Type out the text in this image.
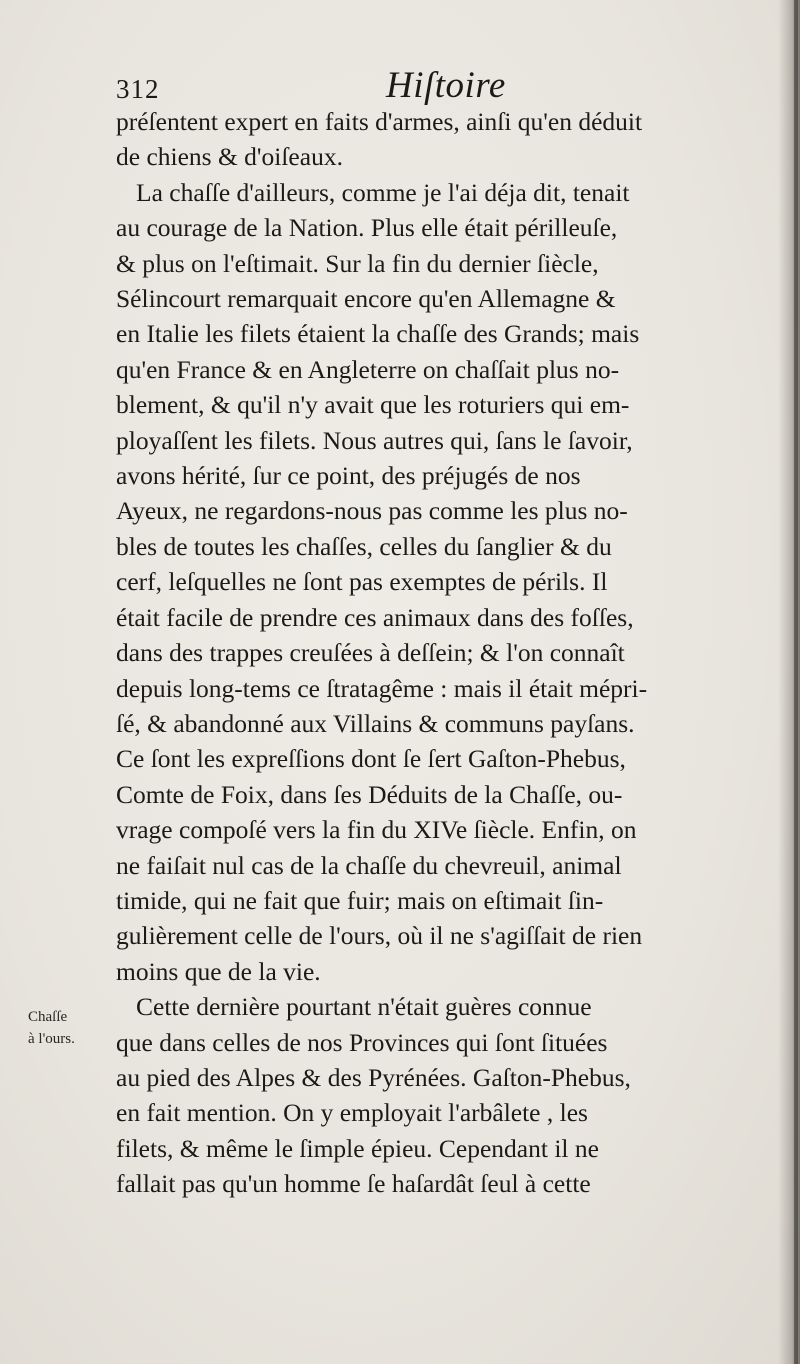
312	Hiſtoire
Chaſſe
à l'ours.
préſentent expert en faits d'armes, ainſi qu'en déduit
de chiens & d'oiſeaux.
La chaſſe d'ailleurs, comme je l'ai déja dit, tenait
au courage de la Nation. Plus elle était périlleuſe,
& plus on l'eſtimait. Sur la fin du dernier ſiècle,
Sélincourt remarquait encore qu'en Allemagne &
en Italie les filets étaient la chaſſe des Grands; mais
qu'en France & en Angleterre on chaſſait plus no-
blement, & qu'il n'y avait que les roturiers qui em-
ployaſſent les filets. Nous autres qui, ſans le ſavoir,
avons hérité, ſur ce point, des préjugés de nos
Ayeux, ne regardons-nous pas comme les plus no-
bles de toutes les chaſſes, celles du ſanglier & du
cerf, leſquelles ne ſont pas exemptes de périls. Il
était facile de prendre ces animaux dans des foſſes,
dans des trappes creuſées à deſſein; & l'on connaît
depuis long-tems ce ſtratagême : mais il était mépri-
ſé, & abandonné aux Villains & communs payſans.
Ce ſont les expreſſions dont ſe ſert Gaſton-Phebus,
Comte de Foix, dans ſes Déduits de la Chaſſe, ou-
vrage compoſé vers la fin du XIVe ſiècle. Enfin, on
ne faiſait nul cas de la chaſſe du chevreuil, animal
timide, qui ne fait que fuir; mais on eſtimait ſin-
gulièrement celle de l'ours, où il ne s'agiſſait de rien
moins que de la vie.
Cette dernière pourtant n'était guères connue
que dans celles de nos Provinces qui ſont ſituées
au pied des Alpes & des Pyrénées. Gaſton-Phebus,
en fait mention. On y employait l'arbâlete , les
filets, & même le ſimple épieu. Cependant il ne
fallait pas qu'un homme ſe haſardât ſeul à cette
